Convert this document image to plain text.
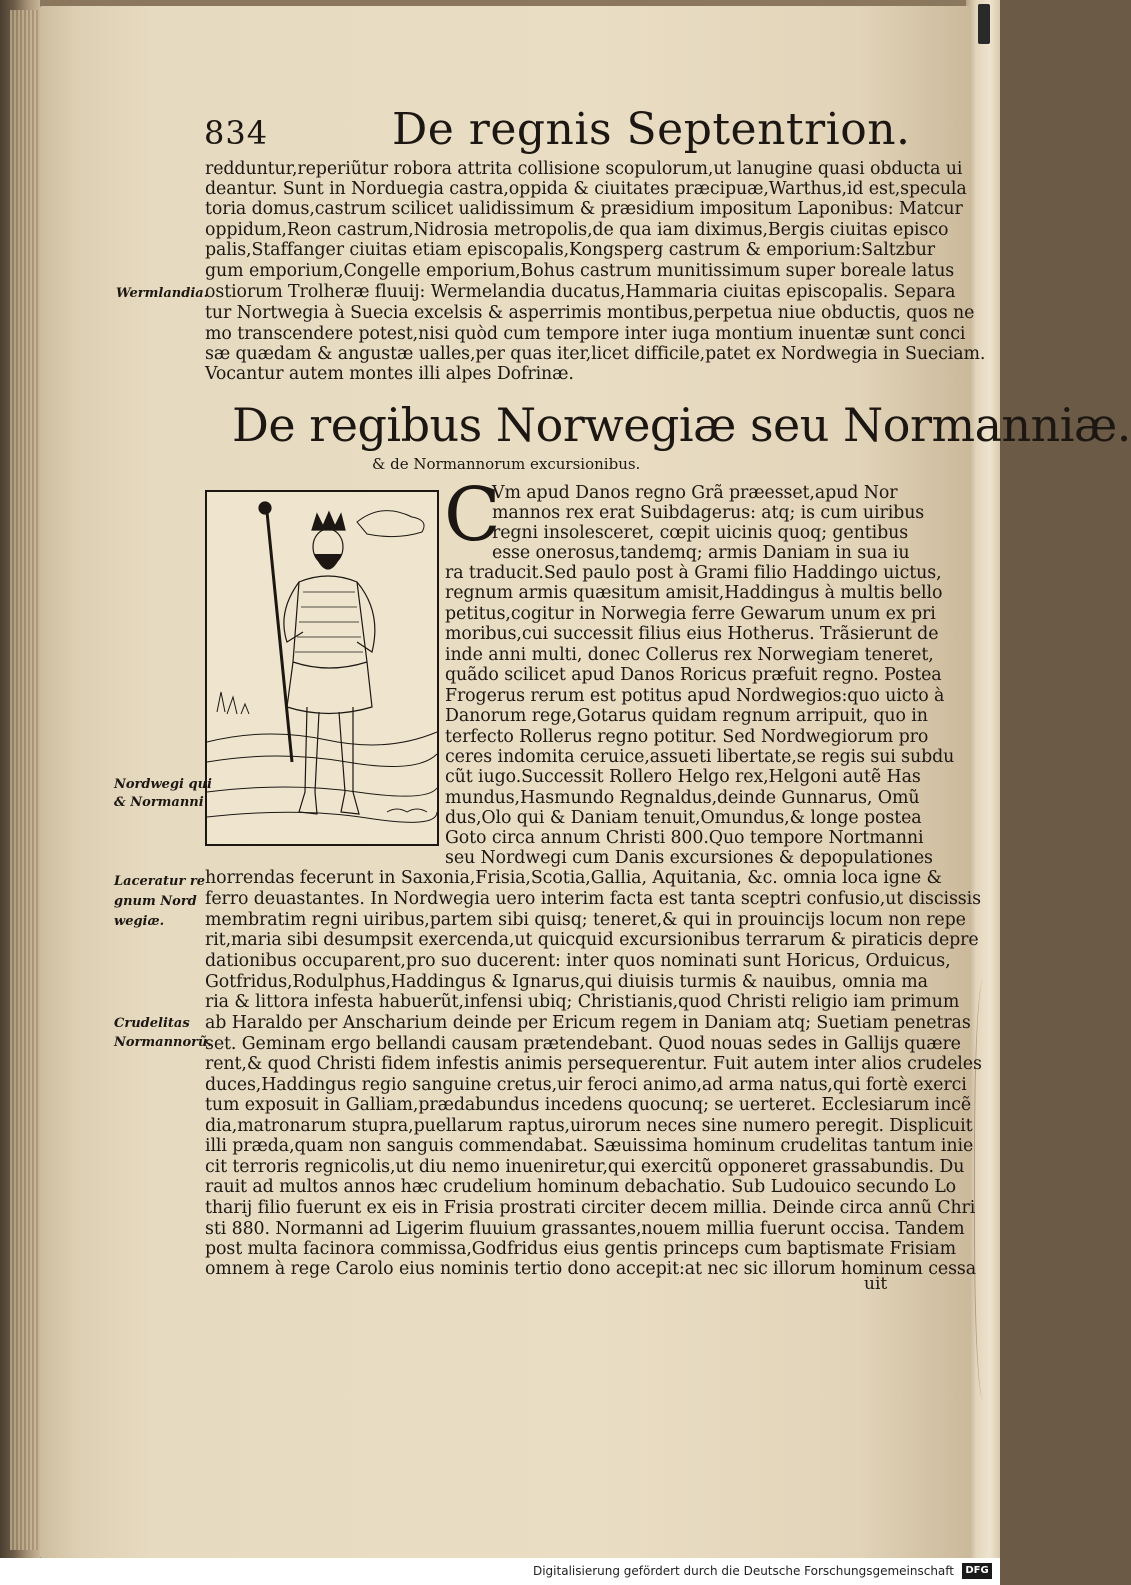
834	De regnis Septentrion.
redduntur,reperiũtur robora attrita collisione scopulorum,ut lanugine quasi obducta ui
deantur. Sunt in Norduegia castra,oppida & ciuitates præcipuæ,Warthus,id est,specula
toria domus,castrum scilicet ualidissimum & præsidium impositum Laponibus: Matcur
oppidum,Reon castrum,Nidrosia metropolis,de qua iam diximus,Bergis ciuitas episco
palis,Staffanger ciuitas etiam episcopalis,Kongsperg castrum & emporium:Saltzbur
gum emporium,Congelle emporium,Bohus castrum munitissimum super boreale latus
ostiorum Trolheræ fluuij: Wermelandia ducatus,Hammaria ciuitas episcopalis. Separa
tur Nortwegia à Suecia excelsis & asperrimis montibus,perpetua niue obductis, quos ne
mo transcendere potest,nisi quòd cum tempore inter iuga montium inuentæ sunt conci
sæ quædam & angustæ ualles,per quas iter,licet difficile,patet ex Nordwegia in Sueciam.
Vocantur autem montes illi alpes Dofrinæ.
Wermlandia.
De regibus Norwegiæ seu Normanniæ.
& de Normannorum excursionibus.
C
Vm apud Danos regno Grã præesset,apud Nor
mannos rex erat Suibdagerus: atq; is cum uiribus
regni insolesceret, cœpit uicinis quoq; gentibus
esse onerosus,tandemq; armis Daniam in sua iu
ra traducit.Sed paulo post à Grami filio Haddingo uictus,
regnum armis quæsitum amisit,Haddingus à multis bello
petitus,cogitur in Norwegia ferre Gewarum unum ex pri
moribus,cui successit filius eius Hotherus. Trãsierunt de
inde anni multi, donec Collerus rex Norwegiam teneret,
quãdo scilicet apud Danos Roricus præfuit regno. Postea
Frogerus rerum est potitus apud Nordwegios:quo uicto à
Danorum rege,Gotarus quidam regnum arripuit, quo in
terfecto Rollerus regno potitur. Sed Nordwegiorum pro
ceres indomita ceruice,assueti libertate,se regis sui subdu
cũt iugo.Successit Rollero Helgo rex,Helgoni autẽ Has
mundus,Hasmundo Regnaldus,deinde Gunnarus, Omũ
dus,Olo qui & Daniam tenuit,Omundus,& longe postea
Goto circa annum Christi 800.Quo tempore Nortmanni
seu Nordwegi cum Danis excursiones & depopulationes
Nordwegi qui
& Normanni
horrendas fecerunt in Saxonia,Frisia,Scotia,Gallia, Aquitania, &c. omnia loca igne &
ferro deuastantes. In Nordwegia uero interim facta est tanta sceptri confusio,ut discissis
membratim regni uiribus,partem sibi quisq; teneret,& qui in prouincijs locum non repe
rit,maria sibi desumpsit exercenda,ut quicquid excursionibus terrarum & piraticis depre
dationibus occuparent,pro suo ducerent: inter quos nominati sunt Horicus, Orduicus,
Gotfridus,Rodulphus,Haddingus & Ignarus,qui diuisis turmis & nauibus, omnia ma
ria & littora infesta habuerũt,infensi ubiq; Christianis,quod Christi religio iam primum
ab Haraldo per Anscharium deinde per Ericum regem in Daniam atq; Suetiam penetras
set. Geminam ergo bellandi causam prætendebant. Quod nouas sedes in Gallijs quære
rent,& quod Christi fidem infestis animis persequerentur. Fuit autem inter alios crudeles
duces,Haddingus regio sanguine cretus,uir feroci animo,ad arma natus,qui fortè exerci
tum exposuit in Galliam,prædabundus incedens quocunq; se uerteret. Ecclesiarum incẽ
dia,matronarum stupra,puellarum raptus,uirorum neces sine numero peregit. Displicuit
illi præda,quam non sanguis commendabat. Sæuissima hominum crudelitas tantum inie
cit terroris regnicolis,ut diu nemo inueniretur,qui exercitũ opponeret grassabundis. Du
rauit ad multos annos hæc crudelium hominum debachatio. Sub Ludouico secundo Lo
tharij filio fuerunt ex eis in Frisia prostrati circiter decem millia. Deinde circa annũ Chri
sti 880. Normanni ad Ligerim fluuium grassantes,nouem millia fuerunt occisa. Tandem
post multa facinora commissa,Godfridus eius gentis princeps cum baptismate Frisiam
omnem à rege Carolo eius nominis tertio dono accepit:at nec sic illorum hominum cessa
uit
Laceratur re
gnum Nord
wegiæ.
Crudelitas
Normannorũ.
Digitalisierung gefördert durch die Deutsche Forschungsgemeinschaft	DFG
